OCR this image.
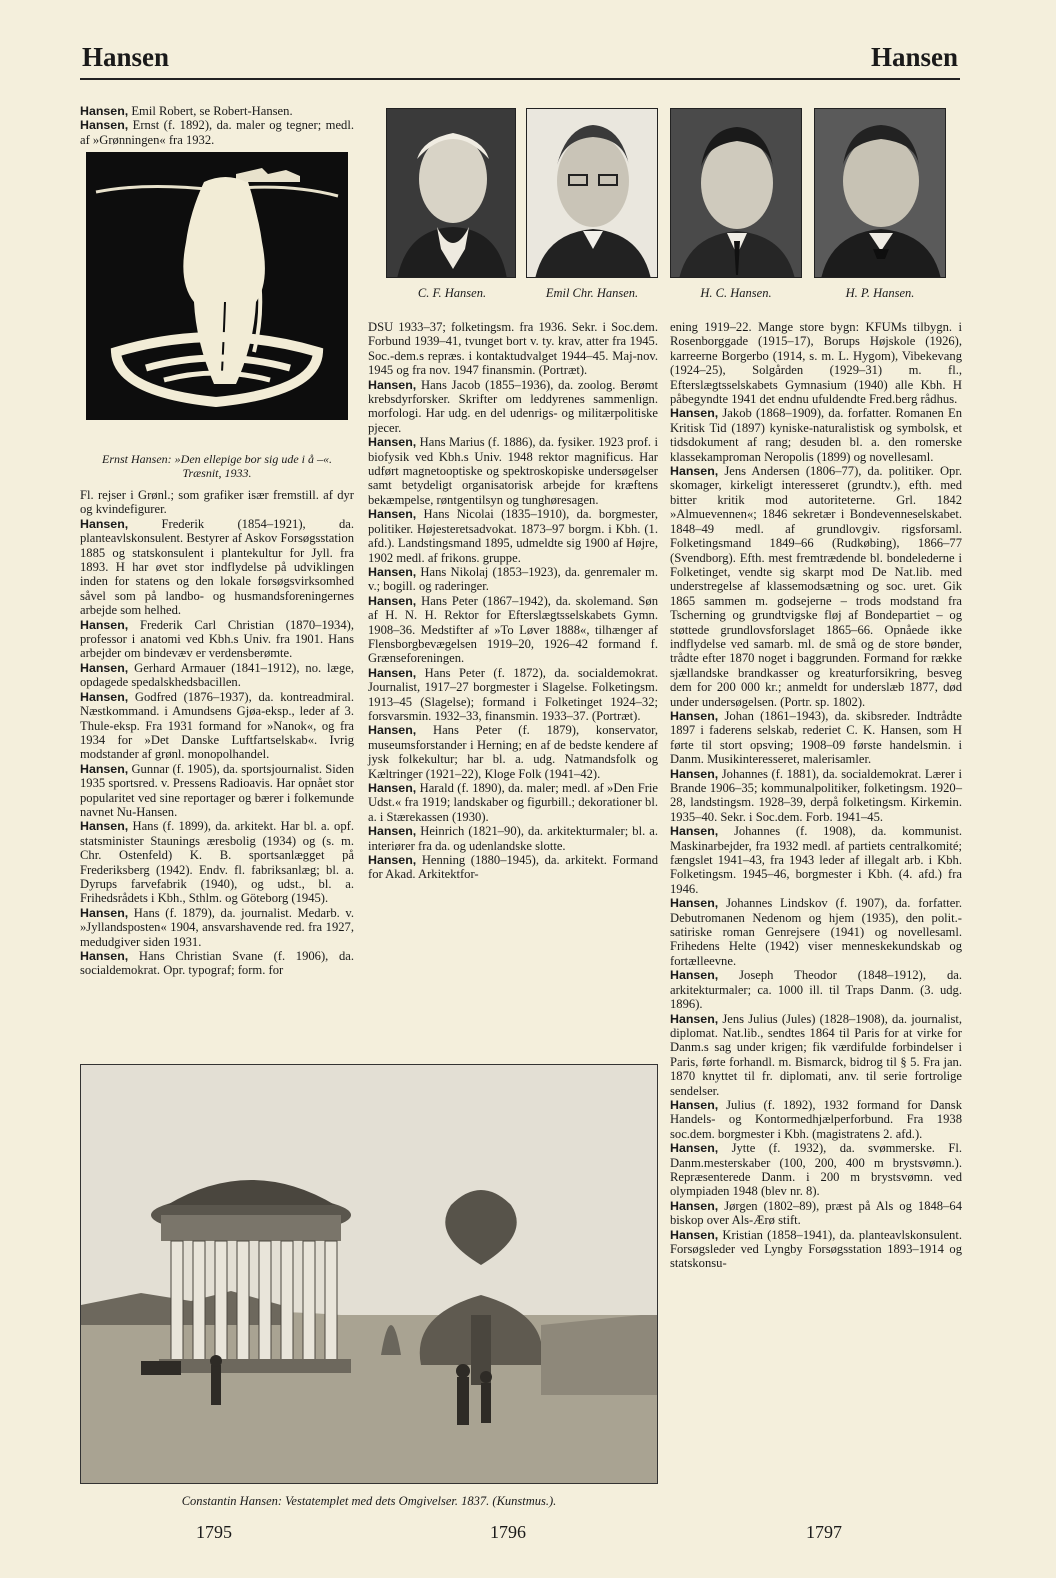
Hansen	Hansen

Hansen, Emil Robert, se Robert-Hansen.

Hansen, Ernst (f. 1892), da. maler og tegner; medl. af »Grønningen« fra 1932.

Ernst Hansen: »Den ellepige bor sig ude i å –«. Træsnit, 1933.

Fl. rejser i Grønl.; som grafiker især fremstill. af dyr og kvindefigurer.

Hansen, Frederik (1854–1921), da. planteavlskonsulent. Bestyrer af Askov Forsøgsstation 1885 og statskonsulent i plantekultur for Jyll. fra 1893. H har øvet stor indflydelse på udviklingen inden for statens og den lokale forsøgsvirksomhed såvel som på landbo- og husmandsforeningernes arbejde som helhed.

Hansen, Frederik Carl Christian (1870–1934), professor i anatomi ved Kbh.s Univ. fra 1901. Hans arbejder om bindevæv er verdensberømte.

Hansen, Gerhard Armauer (1841–1912), no. læge, opdagede spedalskhedsbacillen.

Hansen, Godfred (1876–1937), da. kontreadmiral. Næstkommand. i Amundsens Gjøa-eksp., leder af 3. Thule-eksp. Fra 1931 formand for »Nanok«, og fra 1934 for »Det Danske Luftfartselskab«. Ivrig modstander af grønl. monopolhandel.

Hansen, Gunnar (f. 1905), da. sportsjournalist. Siden 1935 sportsred. v. Pressens Radioavis. Har opnået stor popularitet ved sine reportager og bærer i folkemunde navnet Nu-Hansen.

Hansen, Hans (f. 1899), da. arkitekt. Har bl. a. opf. statsminister Staunings æresbolig (1934) og (s. m. Chr. Ostenfeld) K. B. sportsanlægget på Frederiksberg (1942). Endv. fl. fabriksanlæg; bl. a. Dyrups farvefabrik (1940), og udst., bl. a. Frihedsrådets i Kbh., Sthlm. og Göteborg (1945).

Hansen, Hans (f. 1879), da. journalist. Medarb. v. »Jyllandsposten« 1904, ansvarshavende red. fra 1927, medudgiver siden 1931.

Hansen, Hans Christian Svane (f. 1906), da. socialdemokrat. Opr. typograf; form. for

C. F. Hansen.	Emil Chr. Hansen.	H. C. Hansen.	H. P. Hansen.

DSU 1933–37; folketingsm. fra 1936. Sekr. i Soc.dem. Forbund 1939–41, tvunget bort v. ty. krav, atter fra 1945. Soc.-dem.s repræs. i kontaktudvalget 1944–45. Maj-nov. 1945 og fra nov. 1947 finansmin. (Portræt).

Hansen, Hans Jacob (1855–1936), da. zoolog. Berømt krebsdyrforsker. Skrifter om leddyrenes sammenlign. morfologi. Har udg. en del udenrigs- og militærpolitiske pjecer.

Hansen, Hans Marius (f. 1886), da. fysiker. 1923 prof. i biofysik ved Kbh.s Univ. 1948 rektor magnificus. Har udført magnetooptiske og spektroskopiske undersøgelser samt betydeligt organisatorisk arbejde for kræftens bekæmpelse, røntgentilsyn og tunghøresagen.

Hansen, Hans Nicolai (1835–1910), da. borgmester, politiker. Højesteretsadvokat. 1873–97 borgm. i Kbh. (1. afd.). Landstingsmand 1895, udmeldte sig 1900 af Højre, 1902 medl. af frikons. gruppe.

Hansen, Hans Nikolaj (1853–1923), da. genremaler m. v.; bogill. og raderinger.

Hansen, Hans Peter (1867–1942), da. skolemand. Søn af H. N. H. Rektor for Efterslægtsselskabets Gymn. 1908–36. Medstifter af »To Løver 1888«, tilhænger af Flensborgbevægelsen 1919–20, 1926–42 formand f. Grænseforeningen.

Hansen, Hans Peter (f. 1872), da. socialdemokrat. Journalist, 1917–27 borgmester i Slagelse. Folketingsm. 1913–45 (Slagelse); formand i Folketinget 1924–32; forsvarsmin. 1932–33, finansmin. 1933–37. (Portræt).

Hansen, Hans Peter (f. 1879), konservator, museumsforstander i Herning; en af de bedste kendere af jysk folkekultur; har bl. a. udg. Natmandsfolk og Kæltringer (1921–22), Kloge Folk (1941–42).

Hansen, Harald (f. 1890), da. maler; medl. af »Den Frie Udst.« fra 1919; landskaber og figurbill.; dekorationer bl. a. i Stærekassen (1930).

Hansen, Heinrich (1821–90), da. arkitekturmaler; bl. a. interiører fra da. og udenlandske slotte.

Hansen, Henning (1880–1945), da. arkitekt. Formand for Akad. Arkitektfor-

ening 1919–22. Mange store bygn: KFUMs tilbygn. i Rosenborggade (1915–17), Borups Højskole (1926), karreerne Borgerbo (1914, s. m. L. Hygom), Vibekevang (1924–25), Solgården (1929–31) m. fl., Efterslægtsselskabets Gymnasium (1940) alle Kbh. H påbegyndte 1941 det endnu ufuldendte Fred.berg rådhus.

Hansen, Jakob (1868–1909), da. forfatter. Romanen En Kritisk Tid (1897) kyniske-naturalistisk og symbolsk, et tidsdokument af rang; desuden bl. a. den romerske klassekamproman Neropolis (1899) og novellesaml.

Hansen, Jens Andersen (1806–77), da. politiker. Opr. skomager, kirkeligt interesseret (grundtv.), efth. med bitter kritik mod autoriteterne. Grl. 1842 »Almuevennen«; 1846 sekretær i Bondevenneselskabet. 1848–49 medl. af grundlovgiv. rigsforsaml. Folketingsmand 1849–66 (Rudkøbing), 1866–77 (Svendborg). Efth. mest fremtrædende bl. bondelederne i Folketinget, vendte sig skarpt mod De Nat.lib. med understregelse af klassemodsætning og soc. uret. Gik 1865 sammen m. godsejerne – trods modstand fra Tscherning og grundtvigske fløj af Bondepartiet – og støttede grundlovsforslaget 1865–66. Opnåede ikke indflydelse ved samarb. ml. de små og de store bønder, trådte efter 1870 noget i baggrunden. Formand for række sjællandske brandkasser og kreaturforsikring, besveg dem for 200 000 kr.; anmeldt for underslæb 1877, død under undersøgelsen. (Portr. sp. 1802).

Hansen, Johan (1861–1943), da. skibsreder. Indtrådte 1897 i faderens selskab, rederiet C. K. Hansen, som H førte til stort opsving; 1908–09 første handelsmin. i Danm. Musikinteresseret, malerisamler.

Hansen, Johannes (f. 1881), da. socialdemokrat. Lærer i Brande 1906–35; kommunalpolitiker, folketingsm. 1920–28, landstingsm. 1928–39, derpå folketingsm. Kirkemin. 1935–40. Sekr. i Soc.dem. Forb. 1941–45.

Hansen, Johannes (f. 1908), da. kommunist. Maskinarbejder, fra 1932 medl. af partiets centralkomité; fængslet 1941–43, fra 1943 leder af illegalt arb. i Kbh. Folketingsm. 1945–46, borgmester i Kbh. (4. afd.) fra 1946.

Hansen, Johannes Lindskov (f. 1907), da. forfatter. Debutromanen Nedenom og hjem (1935), den polit.-satiriske roman Genrejsere (1941) og novellesaml. Frihedens Helte (1942) viser menneskekundskab og fortælleevne.

Hansen, Joseph Theodor (1848–1912), da. arkitekturmaler; ca. 1000 ill. til Traps Danm. (3. udg. 1896).

Hansen, Jens Julius (Jules) (1828–1908), da. journalist, diplomat. Nat.lib., sendtes 1864 til Paris for at virke for Danm.s sag under krigen; fik værdifulde forbindelser i Paris, førte forhandl. m. Bismarck, bidrog til § 5. Fra jan. 1870 knyttet til fr. diplomati, anv. til serie fortrolige sendelser.

Hansen, Julius (f. 1892), 1932 formand for Dansk Handels- og Kontormedhjælperforbund. Fra 1938 soc.dem. borgmester i Kbh. (magistratens 2. afd.).

Hansen, Jytte (f. 1932), da. svømmerske. Fl. Danm.mesterskaber (100, 200, 400 m brystsvømn.). Repræsenterede Danm. i 200 m brystsvømn. ved olympiaden 1948 (blev nr. 8).

Hansen, Jørgen (1802–89), præst på Als og 1848–64 biskop over Als-Ærø stift.

Hansen, Kristian (1858–1941), da. planteavlskonsulent. Forsøgsleder ved Lyngby Forsøgsstation 1893–1914 og statskonsu-

Constantin Hansen: Vestatemplet med dets Omgivelser. 1837. (Kunstmus.).
1795	1796	1797
